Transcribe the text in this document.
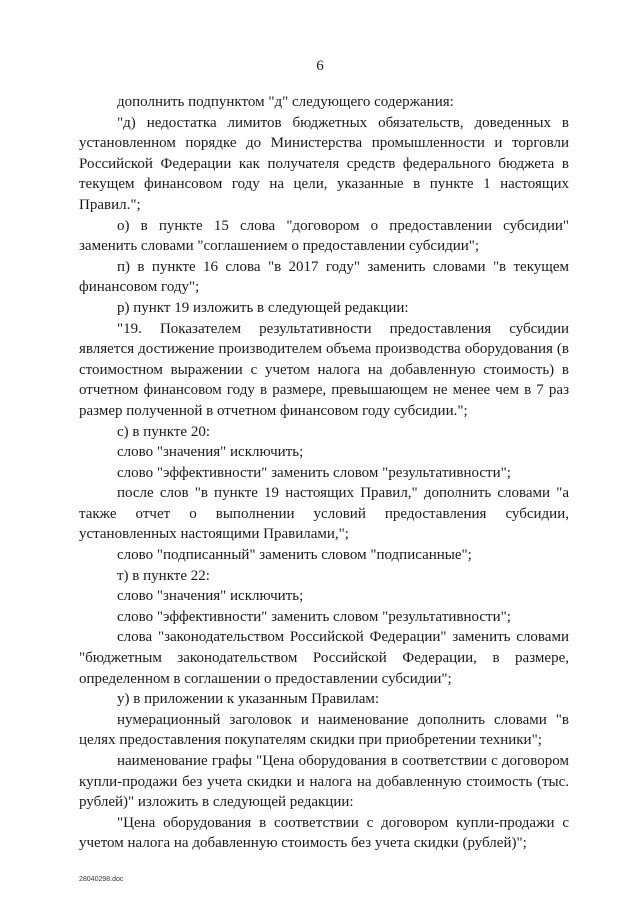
6

дополнить подпунктом "д" следующего содержания:

"д) недостатка лимитов бюджетных обязательств, доведенных в установленном порядке до Министерства промышленности и торговли Российской Федерации как получателя средств федерального бюджета в текущем финансовом году на цели, указанные в пункте 1 настоящих Правил.";

о) в пункте 15 слова "договором о предоставлении субсидии" заменить словами "соглашением о предоставлении субсидии";

п) в пункте 16 слова "в 2017 году" заменить словами "в текущем финансовом году";

р) пункт 19 изложить в следующей редакции:

"19. Показателем результативности предоставления субсидии является достижение производителем объема производства оборудования (в стоимостном выражении с учетом налога на добавленную стоимость) в отчетном финансовом году в размере, превышающем не менее чем в 7 раз размер полученной в отчетном финансовом году субсидии.";

с) в пункте 20:

слово "значения" исключить;

слово "эффективности" заменить словом "результативности";

после слов "в пункте 19 настоящих Правил," дополнить словами "а также отчет о выполнении условий предоставления субсидии, установленных настоящими Правилами,";

слово "подписанный" заменить словом "подписанные";

т) в пункте 22:

слово "значения" исключить;

слово "эффективности" заменить словом "результативности";

слова "законодательством Российской Федерации" заменить словами "бюджетным законодательством Российской Федерации, в размере, определенном в соглашении о предоставлении субсидии";

у) в приложении к указанным Правилам:

нумерационный заголовок и наименование дополнить словами "в целях предоставления покупателям скидки при приобретении техники";

наименование графы "Цена оборудования в соответствии с договором купли-продажи без учета скидки и налога на добавленную стоимость (тыс. рублей)" изложить в следующей редакции:

"Цена оборудования в соответствии с договором купли-продажи с учетом налога на добавленную стоимость без учета скидки (рублей)";

28040298.doc
